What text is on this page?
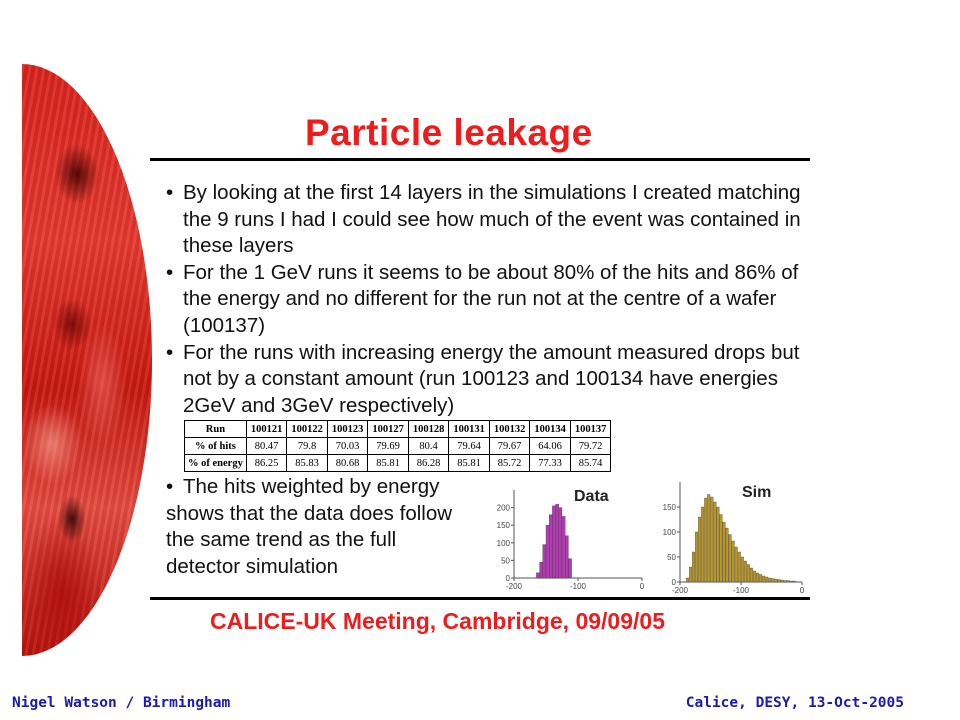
Particle leakage
• By looking at the first 14 layers in the simulations I created matching the 9 runs I had I could see how much of the event was contained in these layers
• For the 1 GeV runs it seems to be about 80% of the hits and 86% of the energy and no different for the run not at the centre of a wafer (100137)
• For the runs with increasing energy the amount measured drops but not by a constant amount (run 100123 and 100134 have energies 2GeV and 3GeV respectively)
Run	100121	100122	100123	100127	100128	100131	100132	100134	100137
% of hits	80.47	79.8	70.03	79.69	80.4	79.64	79.67	64.06	79.72
% of energy	86.25	85.83	80.68	85.81	86.28	85.81	85.72	77.33	85.74
• The hits weighted by energy
shows that the data does follow
the same trend as the full
detector simulation
0
50
100
150
200
-200	-100	0
Data
0
50
100
150
-200	-100	0
Sim
CALICE-UK Meeting, Cambridge, 09/09/05
Nigel Watson / Birmingham	Calice, DESY, 13-Oct-2005
